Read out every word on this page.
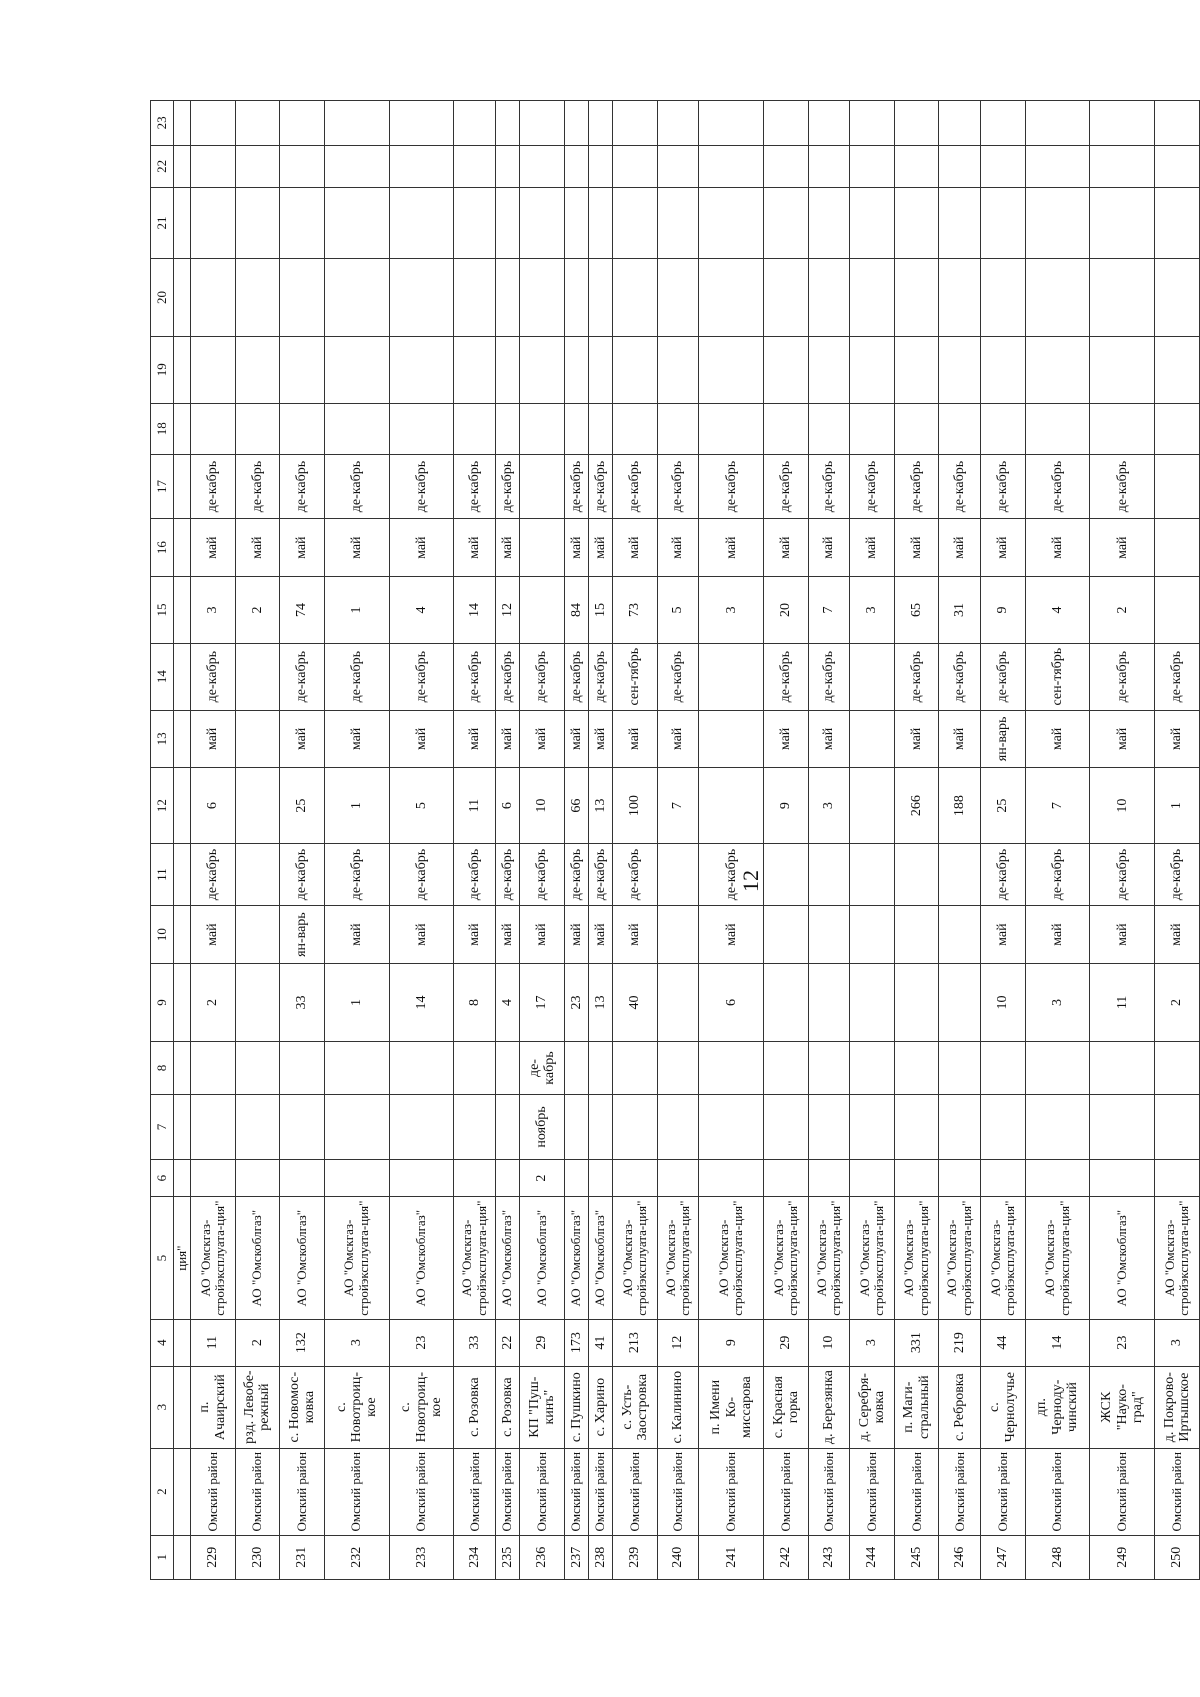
12
1	2	3	4	5	6	7	8	9	10	11	12	13	14	15	16	17	18	19	20	21	22	23
				ция"																		
229	Омский район	п. Ачаирский	11	АО "Омскгаз-стройэксплуата-ция"				2	май	де-кабрь	6	май	де-кабрь	3	май	де-кабрь						
230	Омский район	рзд. Левобе-режный	2	АО "Омскоблгаз"										2	май	де-кабрь						
231	Омский район	с. Новомос-ковка	132	АО "Омскоблгаз"				33	ян-варь	де-кабрь	25	май	де-кабрь	74	май	де-кабрь						
232	Омский район	с. Новотроиц-кое	3	АО "Омскгаз-стройэксплуата-ция"				1	май	де-кабрь	1	май	де-кабрь	1	май	де-кабрь						
233	Омский район	с. Новотроиц-кое	23	АО "Омскоблгаз"				14	май	де-кабрь	5	май	де-кабрь	4	май	де-кабрь						
234	Омский район	с. Розовка	33	АО "Омскгаз-стройэксплуата-ция"				8	май	де-кабрь	11	май	де-кабрь	14	май	де-кабрь						
235	Омский район	с. Розовка	22	АО "Омскоблгаз"				4	май	де-кабрь	6	май	де-кабрь	12	май	де-кабрь						
236	Омский район	КП "Пуш-кинъ"	29	АО "Омскоблгаз"	2	ноябрь	де-кабрь	17	май	де-кабрь	10	май	де-кабрь									
237	Омский район	с. Пушкино	173	АО "Омскоблгаз"				23	май	де-кабрь	66	май	де-кабрь	84	май	де-кабрь						
238	Омский район	с. Харино	41	АО "Омскоблгаз"				13	май	де-кабрь	13	май	де-кабрь	15	май	де-кабрь						
239	Омский район	с. Усть-Заостровка	213	АО "Омскгаз-стройэксплуата-ция"				40	май	де-кабрь	100	май	сен-тябрь	73	май	де-кабрь						
240	Омский район	с. Калинино	12	АО "Омскгаз-стройэксплуата-ция"							7	май	де-кабрь	5	май	де-кабрь						
241	Омский район	п. Имени Ко-миссарова	9	АО "Омскгаз-стройэксплуата-ция"				6	май	де-кабрь				3	май	де-кабрь						
242	Омский район	с. Красная горка	29	АО "Омскгаз-стройэксплуата-ция"							9	май	де-кабрь	20	май	де-кабрь						
243	Омский район	д. Березянка	10	АО "Омскгаз-стройэксплуата-ция"							3	май	де-кабрь	7	май	де-кабрь						
244	Омский район	д. Серебря-ковка	3	АО "Омскгаз-стройэксплуата-ция"										3	май	де-кабрь						
245	Омский район	п. Маги-стральный	331	АО "Омскгаз-стройэксплуата-ция"							266	май	де-кабрь	65	май	де-кабрь						
246	Омский район	с. Ребровка	219	АО "Омскгаз-стройэксплуата-ция"							188	май	де-кабрь	31	май	де-кабрь						
247	Омский район	с. Чернолучье	44	АО "Омскгаз-стройэксплуата-ция"				10	май	де-кабрь	25	ян-варь	де-кабрь	9	май	де-кабрь						
248	Омский район	дп. Черноду-чинский	14	АО "Омскгаз-стройэксплуата-ция"				3	май	де-кабрь	7	май	сен-тябрь	4	май	де-кабрь						
249	Омский район	ЖСК "Науко-град"	23	АО "Омскоблгаз"				11	май	де-кабрь	10	май	де-кабрь	2	май	де-кабрь						
250	Омский район	д. Покрово-Иртышское	3	АО "Омскгаз-стройэксплуата-ция"				2	май	де-кабрь	1	май	де-кабрь									
